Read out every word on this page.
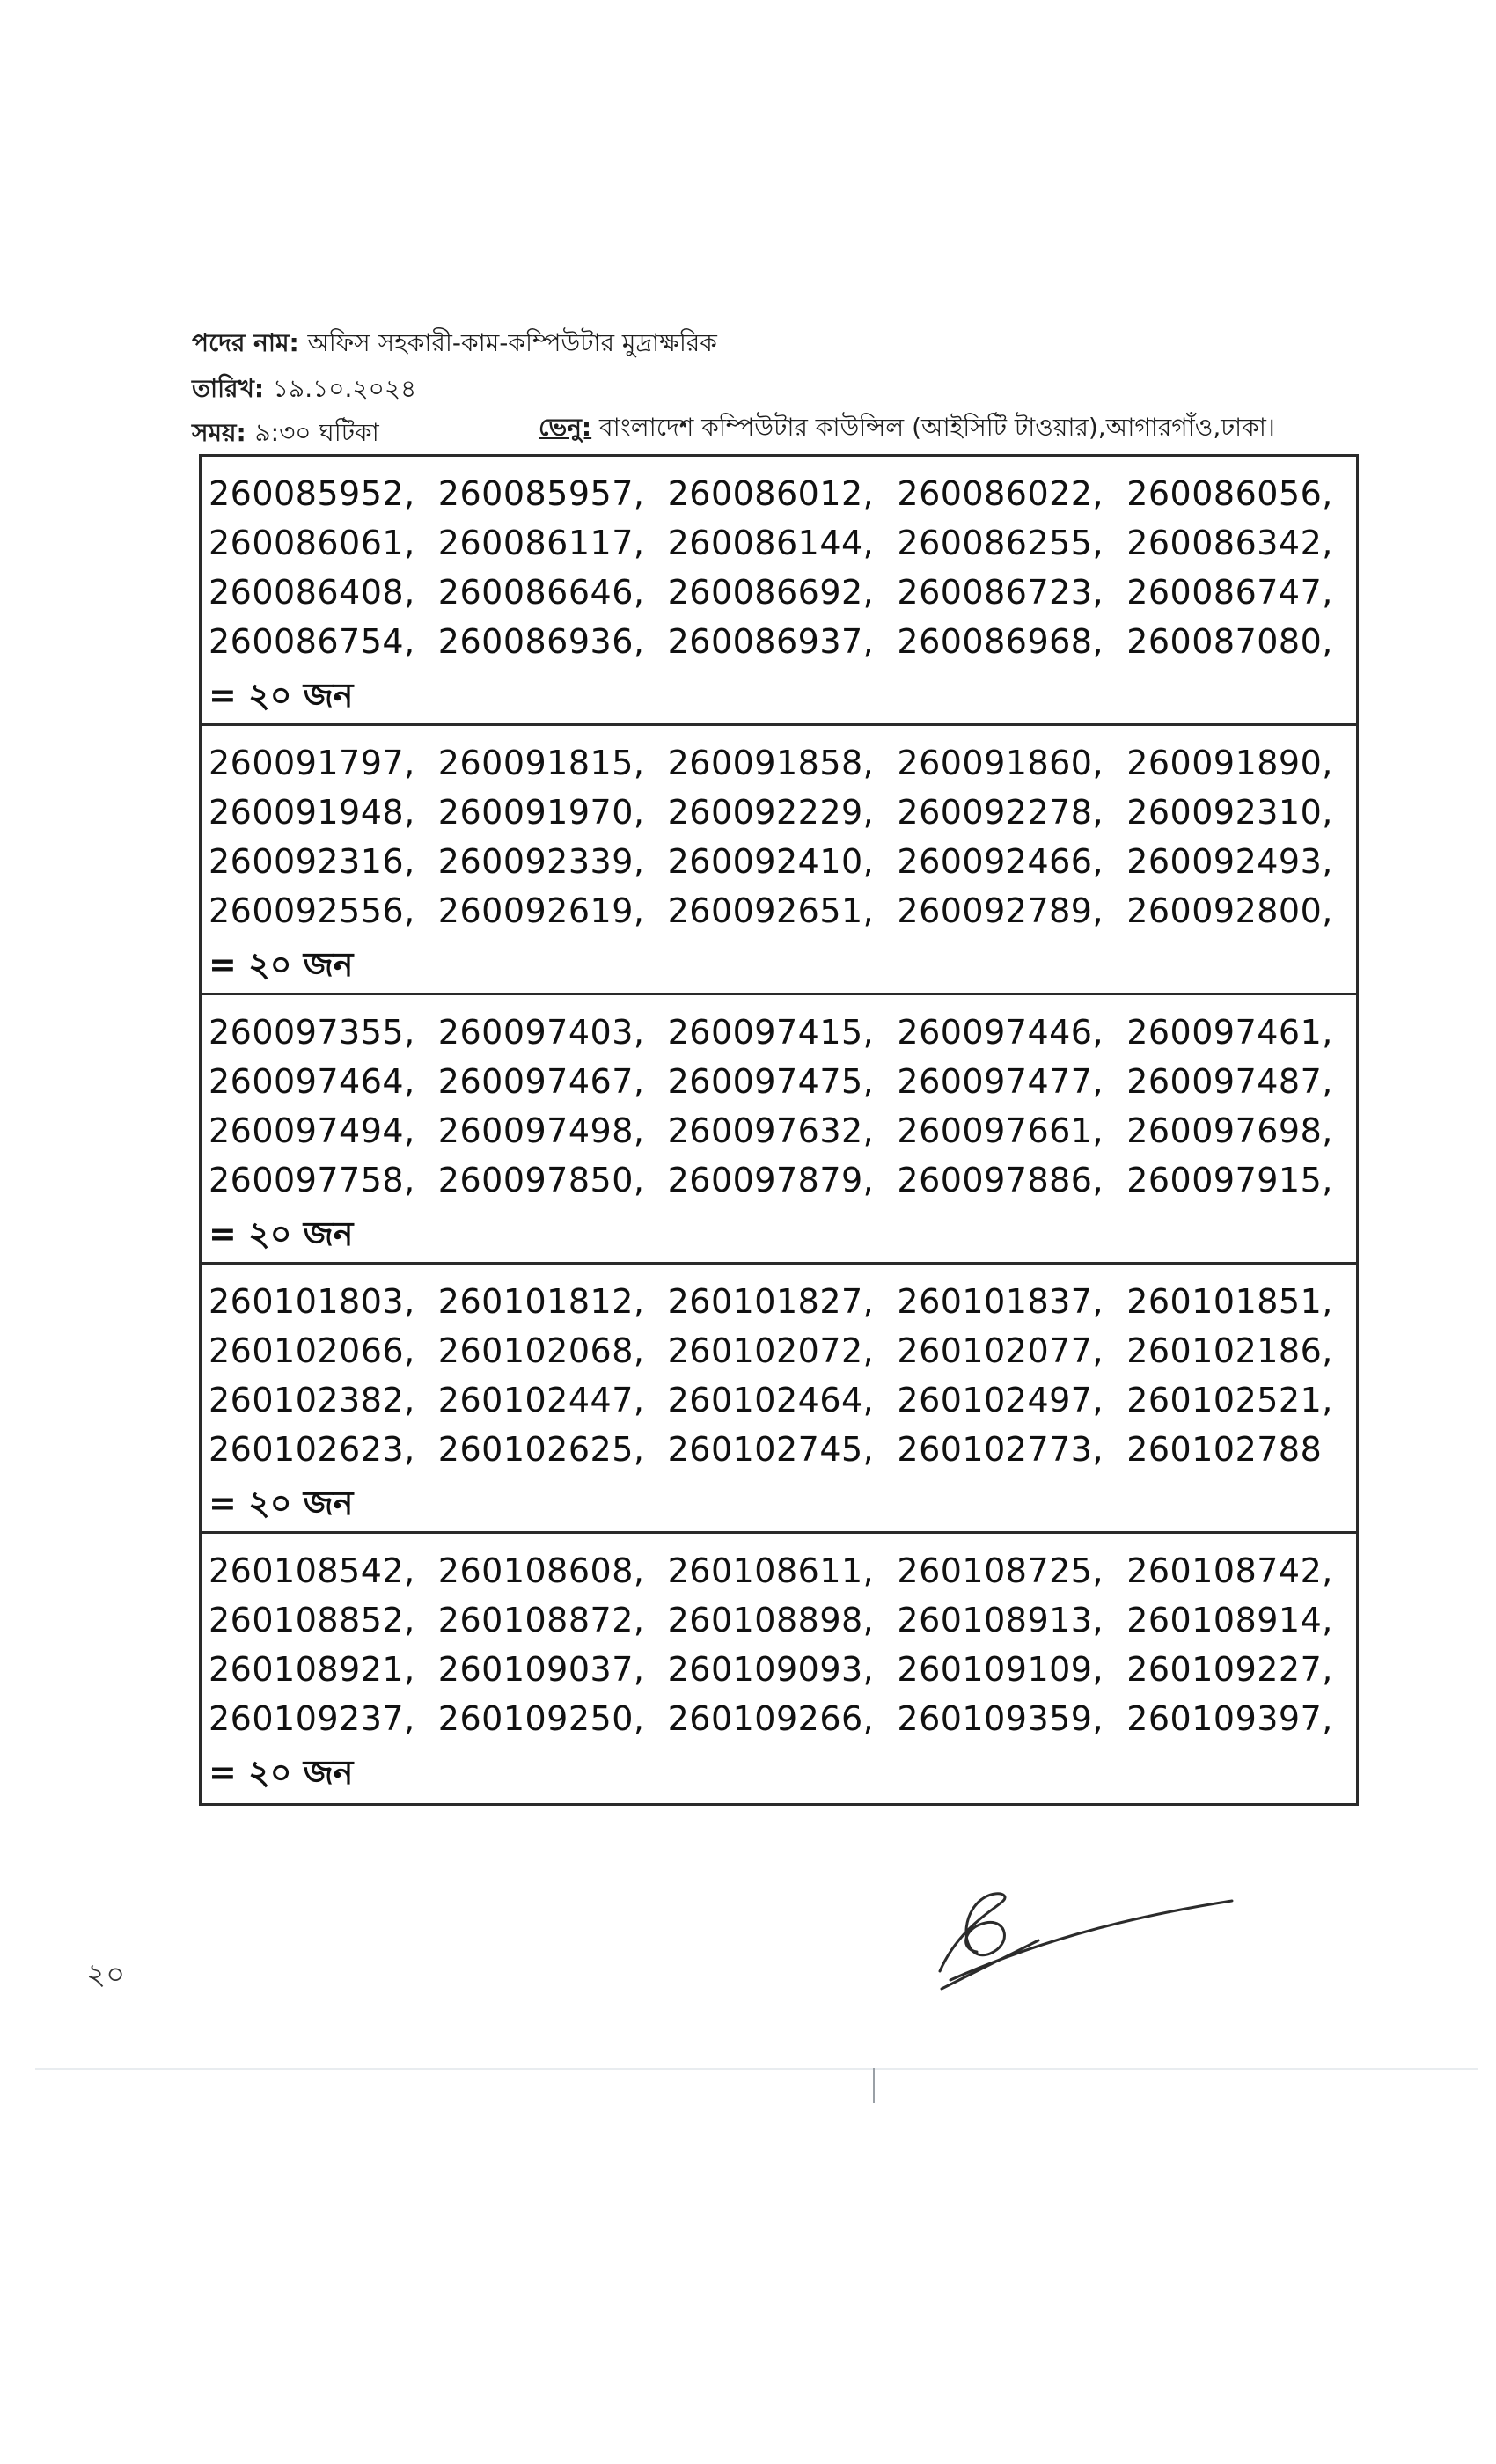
পদের নাম: অফিস সহকারী-কাম-কম্পিউটার মুদ্রাক্ষরিক
তারিখ: ১৯.১০.২০২৪
সময়: ৯:৩০ ঘটিকা	ভেনু: বাংলাদেশ কম্পিউটার কাউন্সিল (আইসিটি টাওয়ার),আগারগাঁও,ঢাকা।
260085952, 260085957, 260086012, 260086022, 260086056,
260086061, 260086117, 260086144, 260086255, 260086342,
260086408, 260086646, 260086692, 260086723, 260086747,
260086754, 260086936, 260086937, 260086968, 260087080,
= ২০ জন
260091797, 260091815, 260091858, 260091860, 260091890,
260091948, 260091970, 260092229, 260092278, 260092310,
260092316, 260092339, 260092410, 260092466, 260092493,
260092556, 260092619, 260092651, 260092789, 260092800,
= ২০ জন
260097355, 260097403, 260097415, 260097446, 260097461,
260097464, 260097467, 260097475, 260097477, 260097487,
260097494, 260097498, 260097632, 260097661, 260097698,
260097758, 260097850, 260097879, 260097886, 260097915,
= ২০ জন
260101803, 260101812, 260101827, 260101837, 260101851,
260102066, 260102068, 260102072, 260102077, 260102186,
260102382, 260102447, 260102464, 260102497, 260102521,
260102623, 260102625, 260102745, 260102773, 260102788
= ২০ জন
260108542, 260108608, 260108611, 260108725, 260108742,
260108852, 260108872, 260108898, 260108913, 260108914,
260108921, 260109037, 260109093, 260109109, 260109227,
260109237, 260109250, 260109266, 260109359, 260109397,
= ২০ জন
২০
